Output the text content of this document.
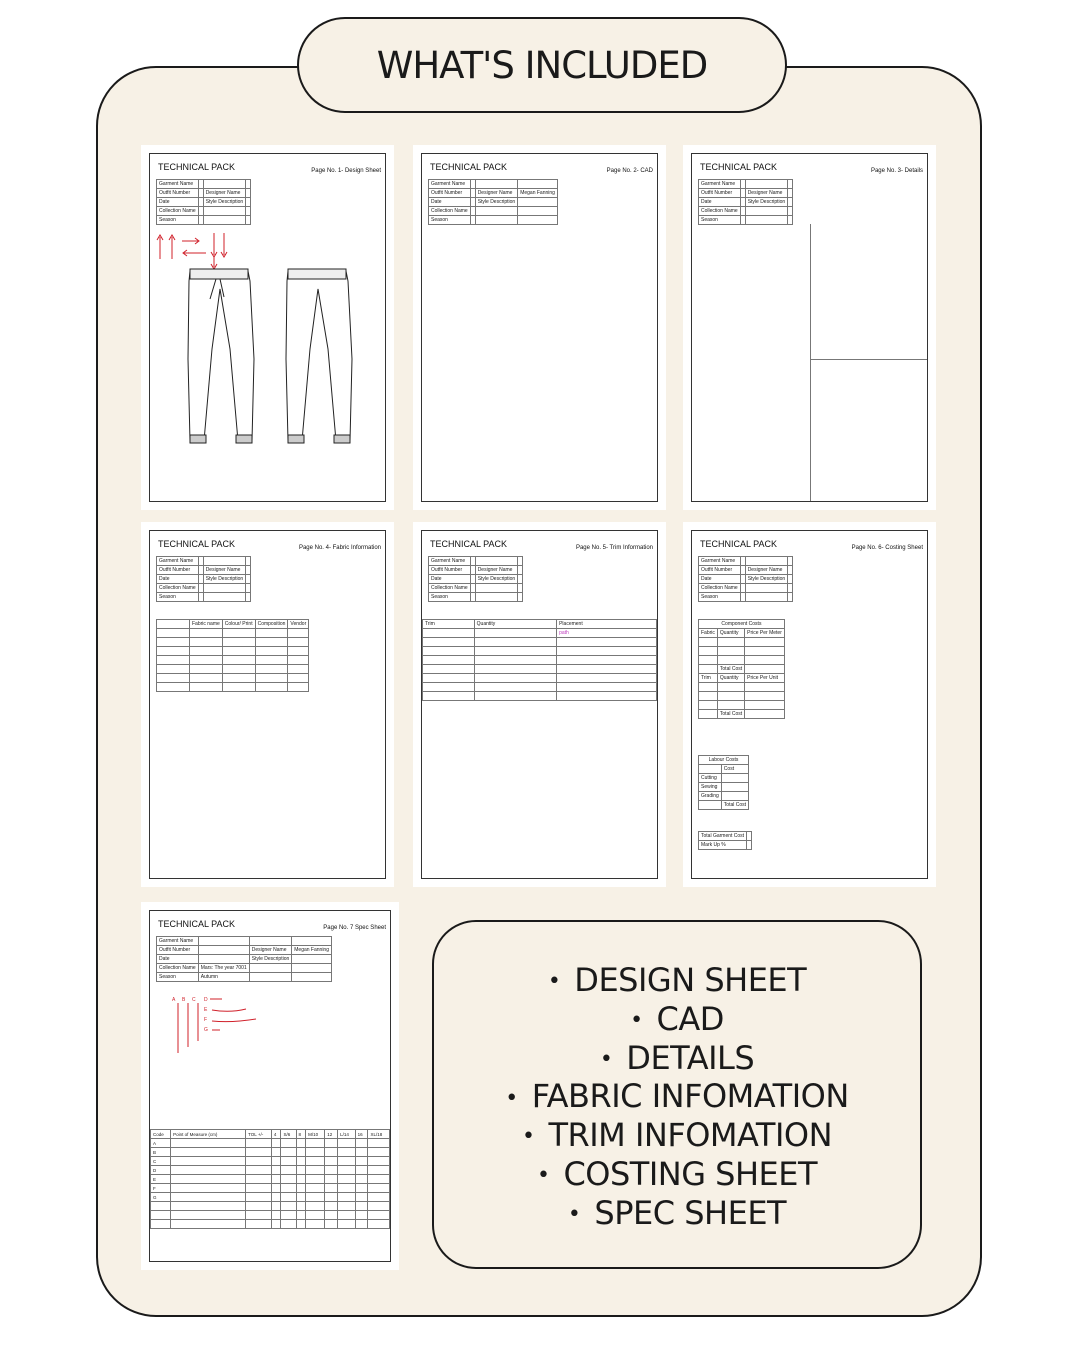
WHAT'S INCLUDED
TECHNICAL PACK	Page No. 1- Design Sheet
Garment Name			
Outfit Number		Designer Name	
Date		Style Description	
Collection Name			
Season			
TECHNICAL PACK	Page No. 2- CAD
Garment Name			
Outfit Number		Designer Name	Megan Fanning
Date		Style Description	
Collection Name			
Season			
TECHNICAL PACK	Page No. 3- Details
Garment Name			
Outfit Number		Designer Name	
Date		Style Description	
Collection Name			
Season			
TECHNICAL PACK	Page No. 4- Fabric Information
Garment Name			
Outfit Number		Designer Name	
Date		Style Description	
Collection Name			
Season			
	Fabric name	Colour/ Print	Composition	Vendor

TECHNICAL PACK	Page No. 5- Trim Information
Garment Name			
Outfit Number		Designer Name	
Date		Style Description	
Collection Name			
Season			
Trim	Quantity	Placement
		path

TECHNICAL PACK	Page No. 6- Costing Sheet
Garment Name			
Outfit Number		Designer Name	
Date		Style Description	
Collection Name			
Season			
Component Costs		
Fabric	Quantity	Price Per Meter

	Total Cost	
Trim	Quantity	Price Per Unit

	Total Cost	
Labour Costs	
	Cost
Cutting	
Sewing	
Grading	
	Total Cost
Total Garment Cost	
Mark Up %	
TECHNICAL PACK	Page No. 7 Spec Sheet
Garment Name			
Outfit Number		Designer Name	Megan Fanning
Date		Style Description	
Collection Name	Mars: The year 7001		
Season	Autumn		
A B C D
E
F
G
Code	Point of Measure (cm)	TOL +/-	4	S/6	8	M/10	12	L/14	16	XL/18
A										
B										
C										
D										
E										
F										
G										

• DESIGN SHEET
• CAD
• DETAILS
• FABRIC INFOMATION
• TRIM INFOMATION
• COSTING SHEET
• SPEC SHEET
